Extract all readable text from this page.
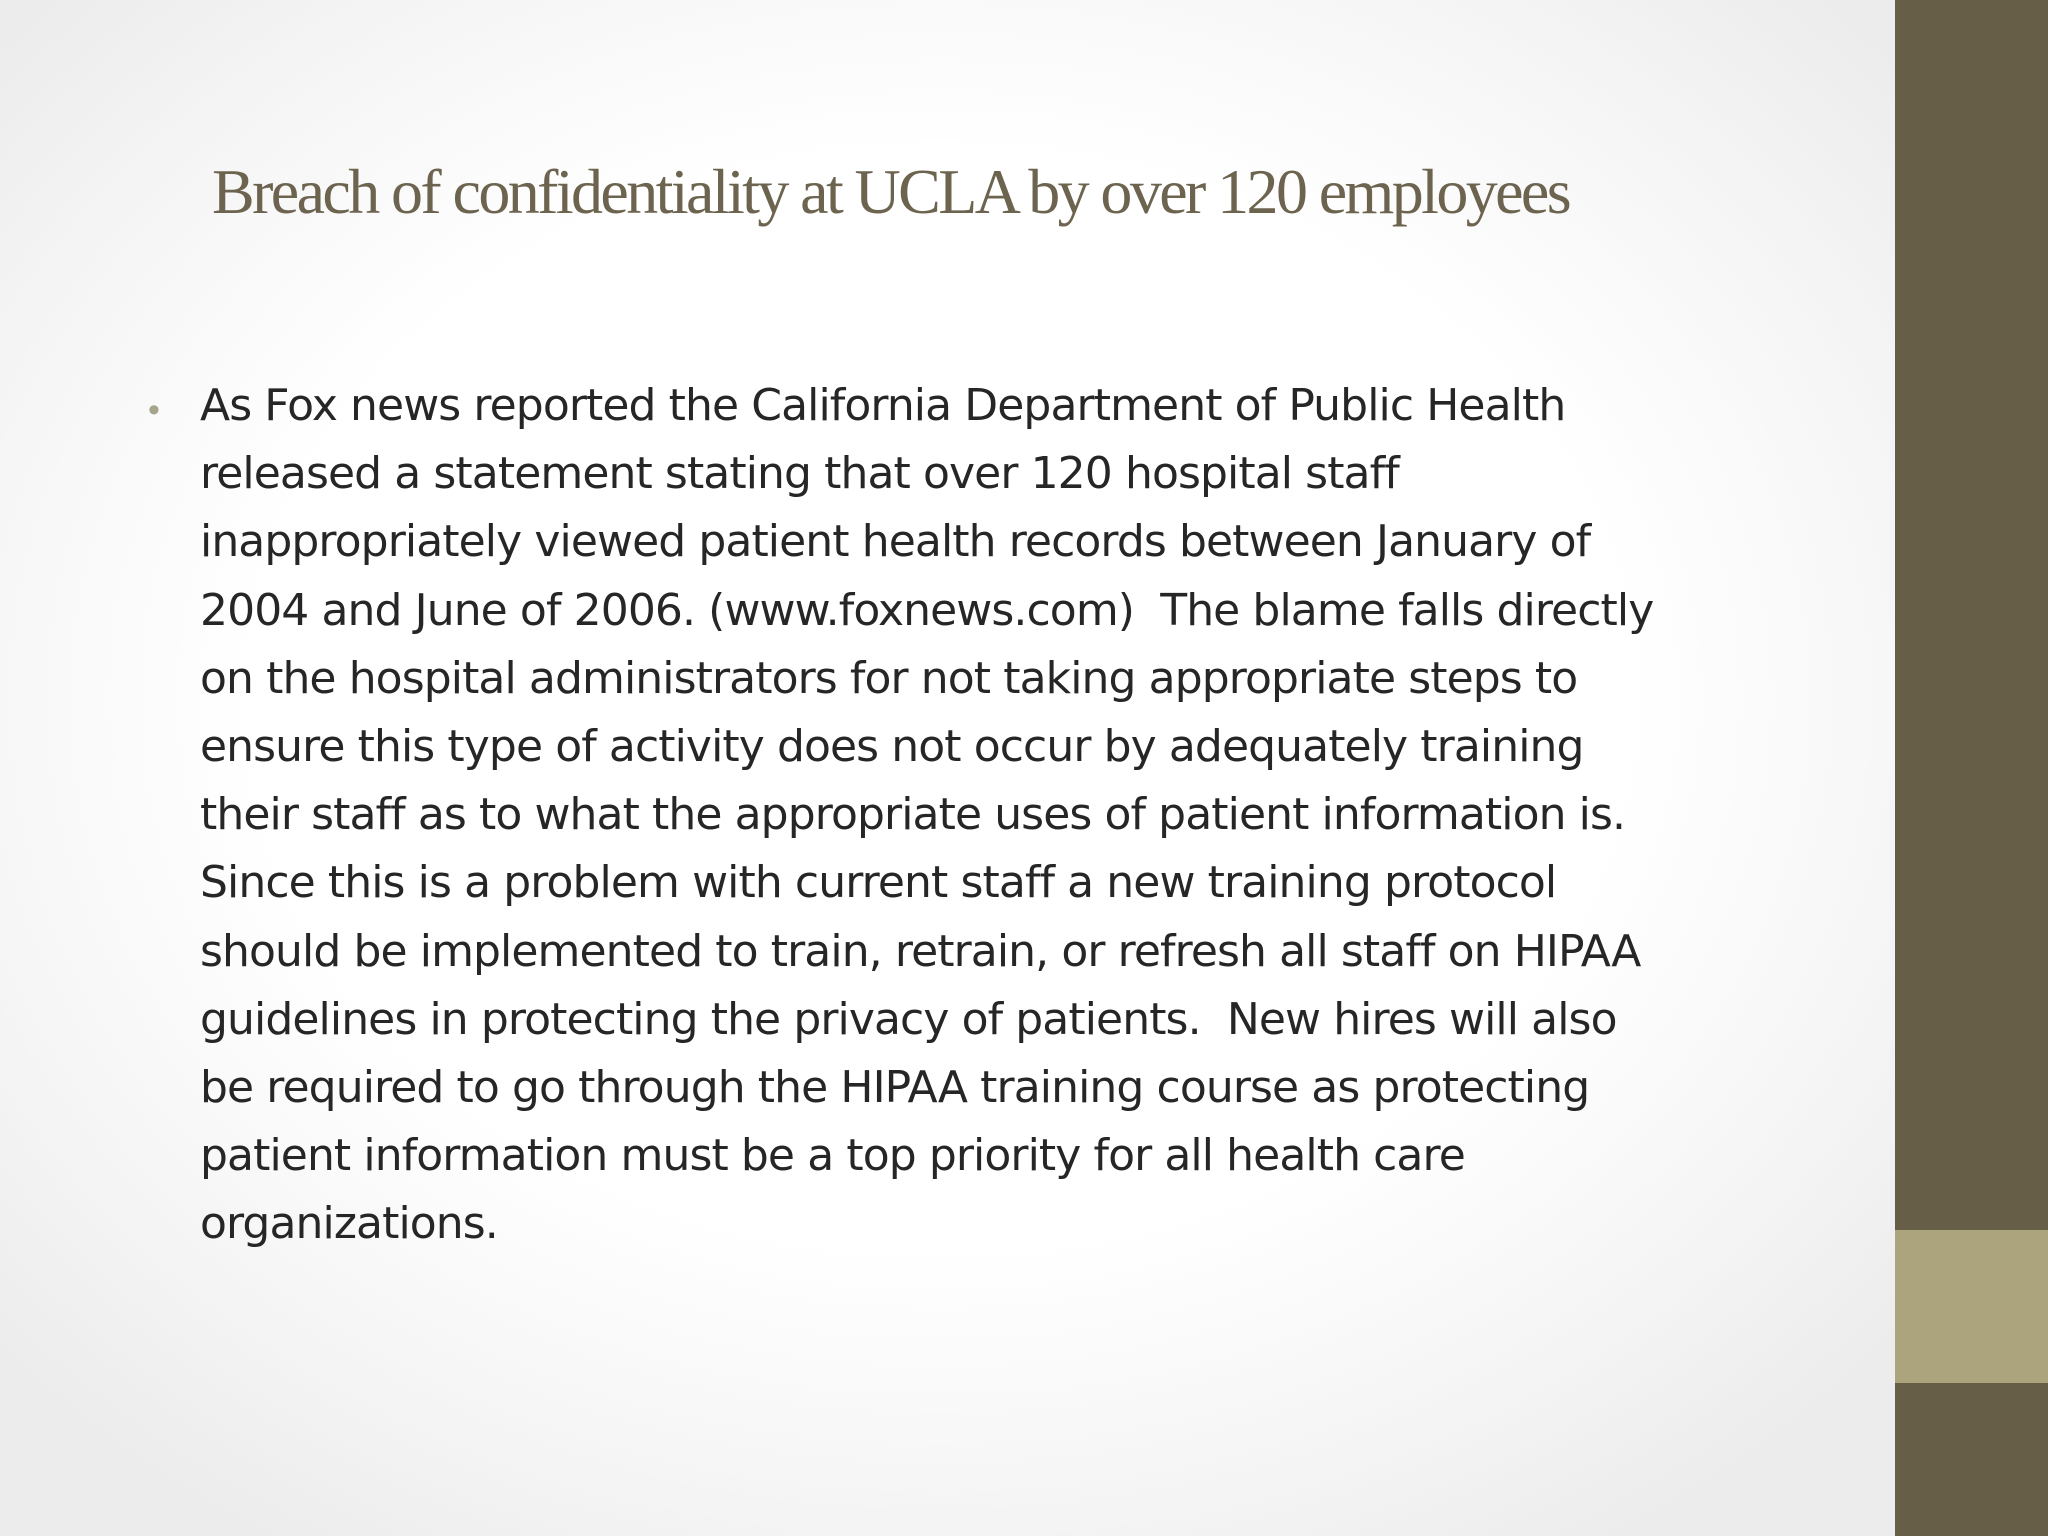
Breach of confidentiality at UCLA by over 120 employees
• As Fox news reported the California Department of Public Health
released a statement stating that over 120 hospital staff
inappropriately viewed patient health records between January of
2004 and June of 2006. (www.foxnews.com)  The blame falls directly
on the hospital administrators for not taking appropriate steps to
ensure this type of activity does not occur by adequately training
their staff as to what the appropriate uses of patient information is.
Since this is a problem with current staff a new training protocol
should be implemented to train, retrain, or refresh all staff on HIPAA
guidelines in protecting the privacy of patients.  New hires will also
be required to go through the HIPAA training course as protecting
patient information must be a top priority for all health care
organizations.
